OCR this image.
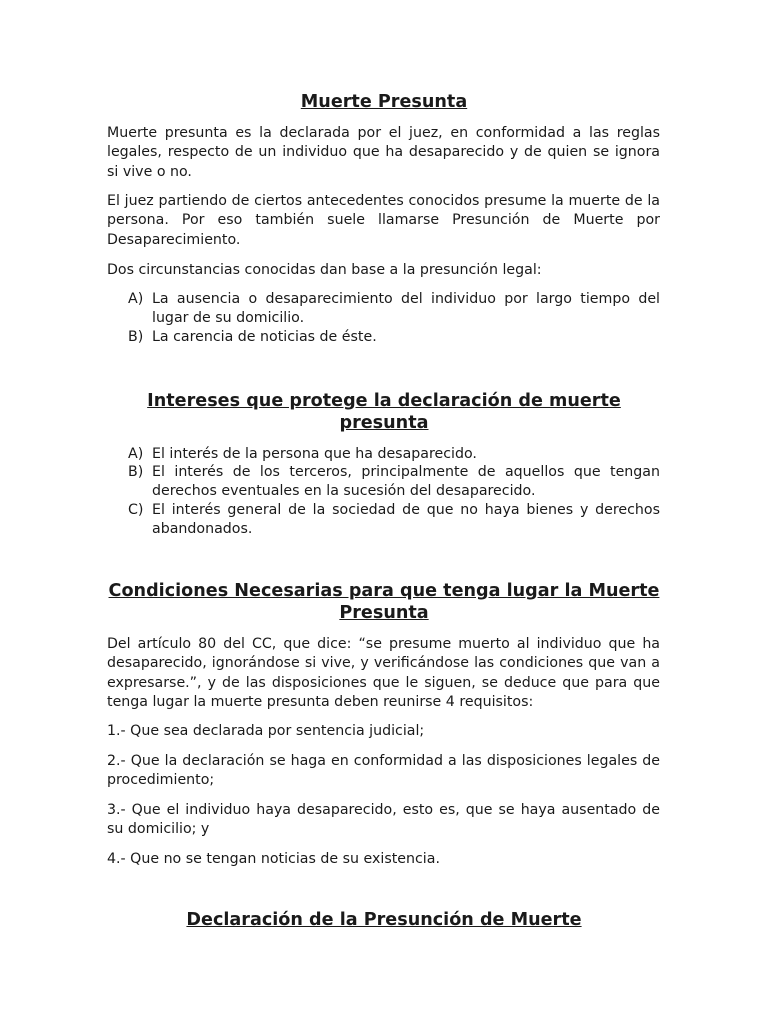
Muerte Presunta

Muerte presunta es la declarada por el juez, en conformidad a las reglas legales, respecto de un individuo que ha desaparecido y de quien se ignora si vive o no.

El juez partiendo de ciertos antecedentes conocidos presume la muerte de la persona. Por eso también suele llamarse Presunción de Muerte por Desaparecimiento.

Dos circunstancias conocidas dan base a la presunción legal:

A) La ausencia o desaparecimiento del individuo por largo tiempo del lugar de su domicilio.
B) La carencia de noticias de éste.
Intereses que protege la declaración de muerte presunta
A) El interés de la persona que ha desaparecido.
B) El interés de los terceros, principalmente de aquellos que tengan derechos eventuales en la sucesión del desaparecido.
C) El interés general de la sociedad de que no haya bienes y derechos abandonados.
Condiciones Necesarias para que tenga lugar la Muerte Presunta

Del artículo 80 del CC, que dice: “se presume muerto al individuo que ha desaparecido, ignorándose si vive, y verificándose las condiciones que van a expresarse.”, y de las disposiciones que le siguen, se deduce que para que tenga lugar la muerte presunta deben reunirse 4 requisitos:

1.- Que sea declarada por sentencia judicial;

2.- Que la declaración se haga en conformidad a las disposiciones legales de procedimiento;

3.- Que el individuo haya desaparecido, esto es, que se haya ausentado de su domicilio; y

4.- Que no se tengan noticias de su existencia.

Declaración de la Presunción de Muerte
